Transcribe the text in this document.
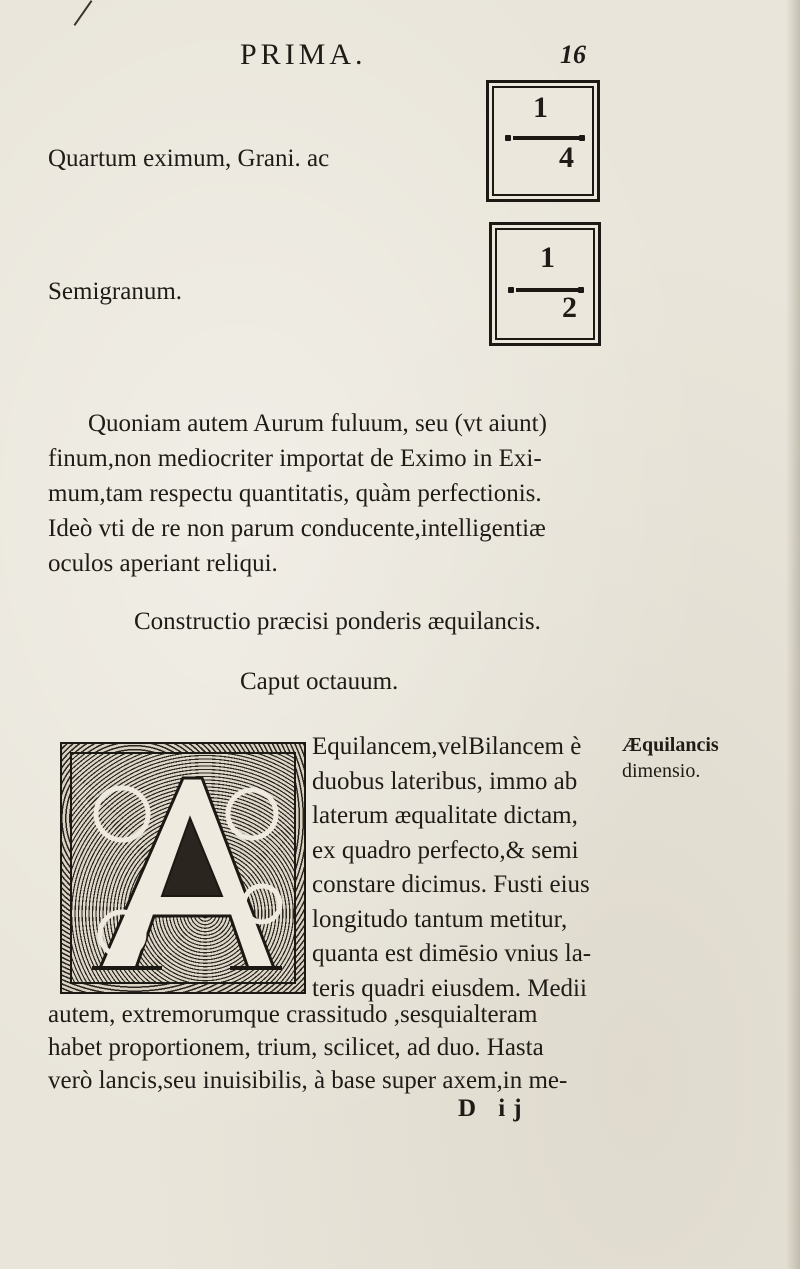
PRIMA.	16
Quartum eximum, Grani. ac
1
4
Semigranum.
1
2
Quoniam autem Aurum fuluum, seu (vt aiunt)
finum,non mediocriter importat de Eximo in Exi-
mum,tam respectu quantitatis, quàm perfectionis.
Ideò vti de re non parum conducente,intelligentiæ
oculos aperiant reliqui.
Constructio præcisi ponderis æquilancis.
Caput octauum.
Equilancem,velBilancem è
duobus lateribus, immo ab
laterum æqualitate dictam,
ex quadro perfecto,& semi
constare dicimus. Fusti eius
longitudo tantum metitur,
quanta est dimēsio vnius la-
teris quadri eiusdem. Medii
Æquilancis
dimensio.
autem, extremorumque crassitudo ,sesquialteram
habet proportionem, trium, scilicet, ad duo. Hasta
verò lancis,seu inuisibilis, à base super axem,in me-
D ij
